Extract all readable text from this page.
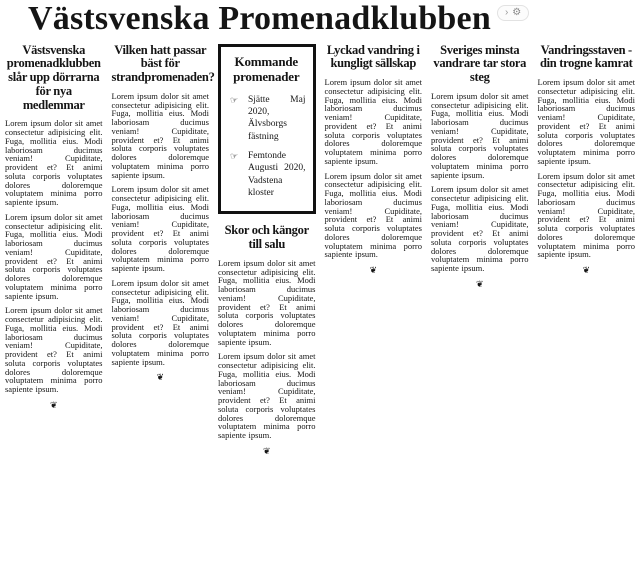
Västsvenska Promenadklubben › ⚙
Västsvenska promenadklubben slår upp dörrarna för nya medlemmar

Lorem ipsum dolor sit amet consectetur adipisicing elit. Fuga, mollitia eius. Modi laboriosam ducimus veniam! Cupiditate, provident et? Et animi soluta corporis voluptates dolores doloremque voluptatem minima porro sapiente ipsum.

Lorem ipsum dolor sit amet consectetur adipisicing elit. Fuga, mollitia eius. Modi laboriosam ducimus veniam! Cupiditate, provident et? Et animi soluta corporis voluptates dolores doloremque voluptatem minima porro sapiente ipsum.

Lorem ipsum dolor sit amet consectetur adipisicing elit. Fuga, mollitia eius. Modi laboriosam ducimus veniam! Cupiditate, provident et? Et animi soluta corporis voluptates dolores doloremque voluptatem minima porro sapiente ipsum.

❦
Vilken hatt passar bäst för strandpromenaden?

Lorem ipsum dolor sit amet consectetur adipisicing elit. Fuga, mollitia eius. Modi laboriosam ducimus veniam! Cupiditate, provident et? Et animi soluta corporis voluptates dolores doloremque voluptatem minima porro sapiente ipsum.

Lorem ipsum dolor sit amet consectetur adipisicing elit. Fuga, mollitia eius. Modi laboriosam ducimus veniam! Cupiditate, provident et? Et animi soluta corporis voluptates dolores doloremque voluptatem minima porro sapiente ipsum.

Lorem ipsum dolor sit amet consectetur adipisicing elit. Fuga, mollitia eius. Modi laboriosam ducimus veniam! Cupiditate, provident et? Et animi soluta corporis voluptates dolores doloremque voluptatem minima porro sapiente ipsum.

❦
Kommande promenader
☞	Sjätte Maj 2020, Älvsborgs fästning
☞	Femtonde Augusti 2020, Vadstena kloster
Skor och kängor till salu

Lorem ipsum dolor sit amet consectetur adipisicing elit. Fuga, mollitia eius. Modi laboriosam ducimus veniam! Cupiditate, provident et? Et animi soluta corporis voluptates dolores doloremque voluptatem minima porro sapiente ipsum.

Lorem ipsum dolor sit amet consectetur adipisicing elit. Fuga, mollitia eius. Modi laboriosam ducimus veniam! Cupiditate, provident et? Et animi soluta corporis voluptates dolores doloremque voluptatem minima porro sapiente ipsum.

❦
Lyckad vandring i kungligt sällskap

Lorem ipsum dolor sit amet consectetur adipisicing elit. Fuga, mollitia eius. Modi laboriosam ducimus veniam! Cupiditate, provident et? Et animi soluta corporis voluptates dolores doloremque voluptatem minima porro sapiente ipsum.

Lorem ipsum dolor sit amet consectetur adipisicing elit. Fuga, mollitia eius. Modi laboriosam ducimus veniam! Cupiditate, provident et? Et animi soluta corporis voluptates dolores doloremque voluptatem minima porro sapiente ipsum.

❦
Sveriges minsta vandrare tar stora steg

Lorem ipsum dolor sit amet consectetur adipisicing elit. Fuga, mollitia eius. Modi laboriosam ducimus veniam! Cupiditate, provident et? Et animi soluta corporis voluptates dolores doloremque voluptatem minima porro sapiente ipsum.

Lorem ipsum dolor sit amet consectetur adipisicing elit. Fuga, mollitia eius. Modi laboriosam ducimus veniam! Cupiditate, provident et? Et animi soluta corporis voluptates dolores doloremque voluptatem minima porro sapiente ipsum.

❦
Vandringsstaven - din trogne kamrat

Lorem ipsum dolor sit amet consectetur adipisicing elit. Fuga, mollitia eius. Modi laboriosam ducimus veniam! Cupiditate, provident et? Et animi soluta corporis voluptates dolores doloremque voluptatem minima porro sapiente ipsum.

Lorem ipsum dolor sit amet consectetur adipisicing elit. Fuga, mollitia eius. Modi laboriosam ducimus veniam! Cupiditate, provident et? Et animi soluta corporis voluptates dolores doloremque voluptatem minima porro sapiente ipsum.

❦
